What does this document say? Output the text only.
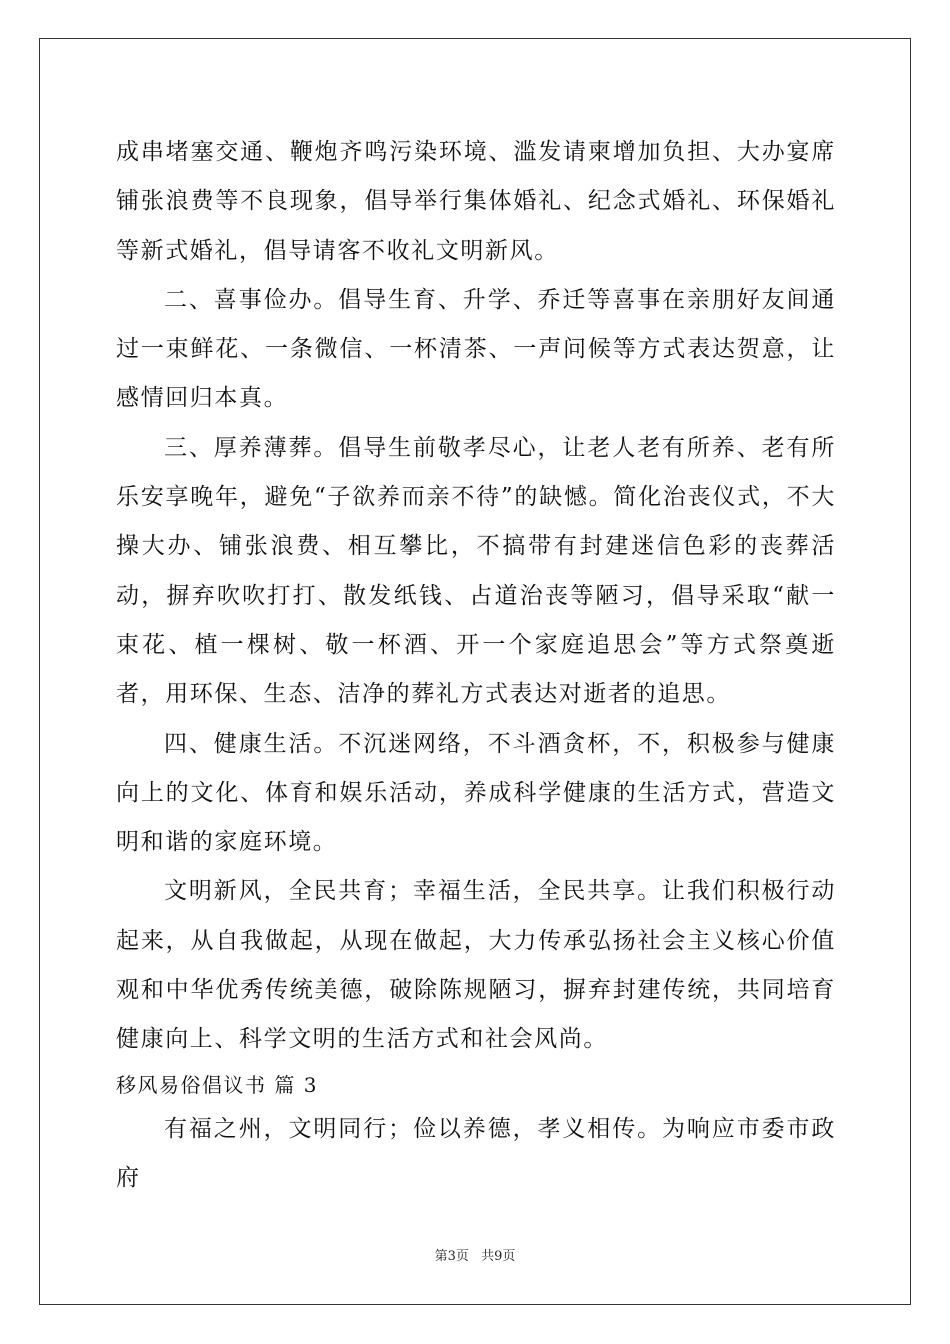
成串堵塞交通、鞭炮齐鸣污染环境、滥发请柬增加负担、大办宴席铺张浪费等不良现象，倡导举行集体婚礼、纪念式婚礼、环保婚礼等新式婚礼，倡导请客不收礼文明新风。

二、喜事俭办。倡导生育、升学、乔迁等喜事在亲朋好友间通过一束鲜花、一条微信、一杯清茶、一声问候等方式表达贺意，让感情回归本真。

三、厚养薄葬。倡导生前敬孝尽心，让老人老有所养、老有所乐安享晚年，避免“子欲养而亲不待”的缺憾。简化治丧仪式，不大操大办、铺张浪费、相互攀比，不搞带有封建迷信色彩的丧葬活动，摒弃吹吹打打、散发纸钱、占道治丧等陋习，倡导采取“献一束花、植一棵树、敬一杯酒、开一个家庭追思会”等方式祭奠逝者，用环保、生态、洁净的葬礼方式表达对逝者的追思。

四、健康生活。不沉迷网络，不斗酒贪杯，不，积极参与健康向上的文化、体育和娱乐活动，养成科学健康的生活方式，营造文明和谐的家庭环境。

文明新风，全民共育；幸福生活，全民共享。让我们积极行动起来，从自我做起，从现在做起，大力传承弘扬社会主义核心价值观和中华优秀传统美德，破除陈规陋习，摒弃封建传统，共同培育健康向上、科学文明的生活方式和社会风尚。

移风易俗倡议书 篇 3

有福之州，文明同行；俭以养德，孝义相传。为响应市委市政府

第3页 共9页
